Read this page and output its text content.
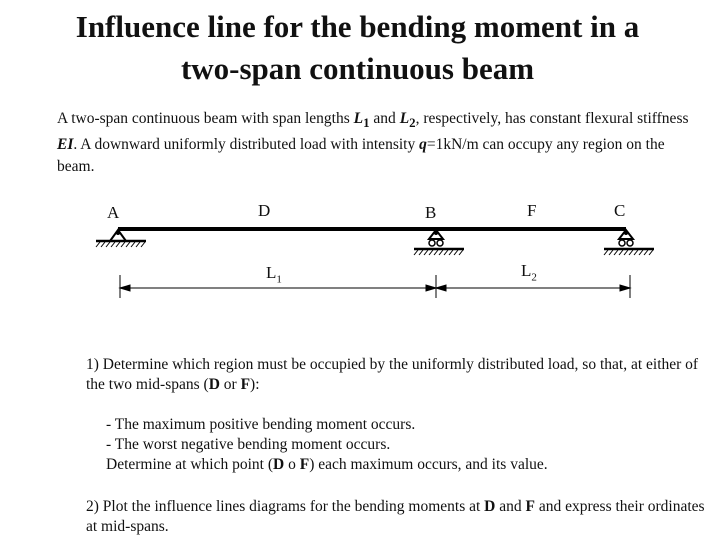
Influence line for the bending moment in a
two-span continuous beam
A two-span continuous beam with span lengths $L_1$ and $L_2$, respectively, has constant flexural stiffness EI. A downward uniformly distributed load with intensity q=1kN/m can occupy any region on the beam.
A	D	B	F	C
$L_1$	$L_2$
1) Determine which region must be occupied by the uniformly distributed load, so that, at either of the two mid-spans (D or F):
- The maximum positive bending moment occurs.
- The worst negative bending moment occurs.
Determine at which point (D o F) each maximum occurs, and its value.
2) Plot the influence lines diagrams for the bending moments at D and F and express their ordinates at mid-spans.
